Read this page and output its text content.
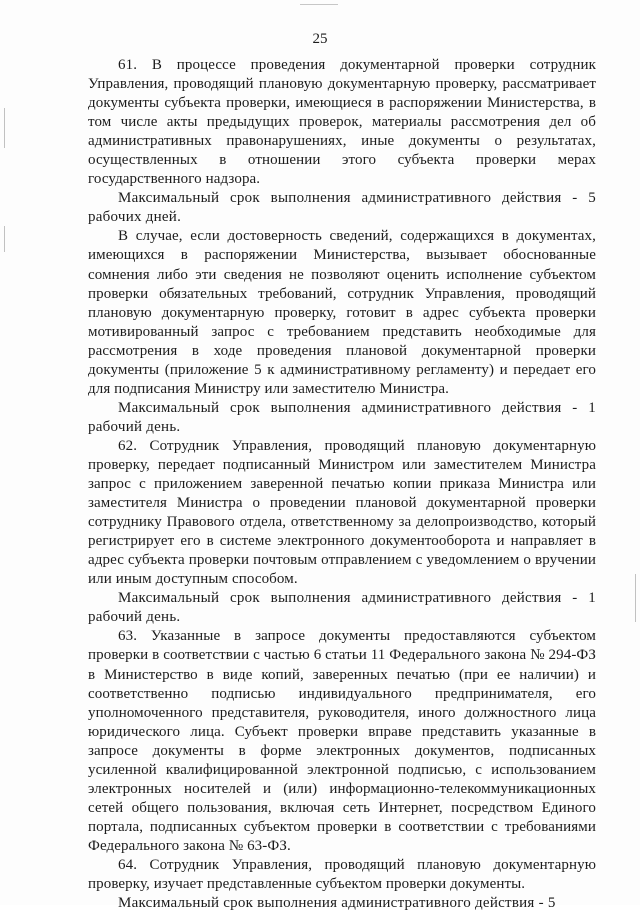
25

61. В процессе проведения документарной проверки сотрудник Управления, проводящий плановую документарную проверку, рассматривает документы субъекта проверки, имеющиеся в распоряжении Министерства, в том числе акты предыдущих проверок, материалы рассмотрения дел об административных правонарушениях, иные документы о результатах, осуществленных в отношении этого субъекта проверки мерах государственного надзора.

Максимальный срок выполнения административного действия - 5 рабочих дней.

В случае, если достоверность сведений, содержащихся в документах, имеющихся в распоряжении Министерства, вызывает обоснованные сомнения либо эти сведения не позволяют оценить исполнение субъектом проверки обязательных требований, сотрудник Управления, проводящий плановую документарную проверку, готовит в адрес субъекта проверки мотивированный запрос с требованием представить необходимые для рассмотрения в ходе проведения плановой документарной проверки документы (приложение 5 к административному регламенту) и передает его для подписания Министру или заместителю Министра.

Максимальный срок выполнения административного действия - 1 рабочий день.

62. Сотрудник Управления, проводящий плановую документарную проверку, передает подписанный Министром или заместителем Министра запрос с приложением заверенной печатью копии приказа Министра или заместителя Министра о проведении плановой документарной проверки сотруднику Правового отдела, ответственному за делопроизводство, который регистрирует его в системе электронного документооборота и направляет в адрес субъекта проверки почтовым отправлением с уведомлением о вручении или иным доступным способом.

Максимальный срок выполнения административного действия - 1 рабочий день.

63. Указанные в запросе документы предоставляются субъектом проверки в соответствии с частью 6 статьи 11 Федерального закона № 294-ФЗ в Министерство в виде копий, заверенных печатью (при ее наличии) и соответственно подписью индивидуального предпринимателя, его уполномоченного представителя, руководителя, иного должностного лица юридического лица. Субъект проверки вправе представить указанные в запросе документы в форме электронных документов, подписанных усиленной квалифицированной электронной подписью, с использованием электронных носителей и (или) информационно-телекоммуникационных сетей общего пользования, включая сеть Интернет, посредством Единого портала, подписанных субъектом проверки в соответствии с требованиями Федерального закона № 63-ФЗ.

64. Сотрудник Управления, проводящий плановую документарную проверку, изучает представленные субъектом проверки документы.

Максимальный срок выполнения административного действия - 5
